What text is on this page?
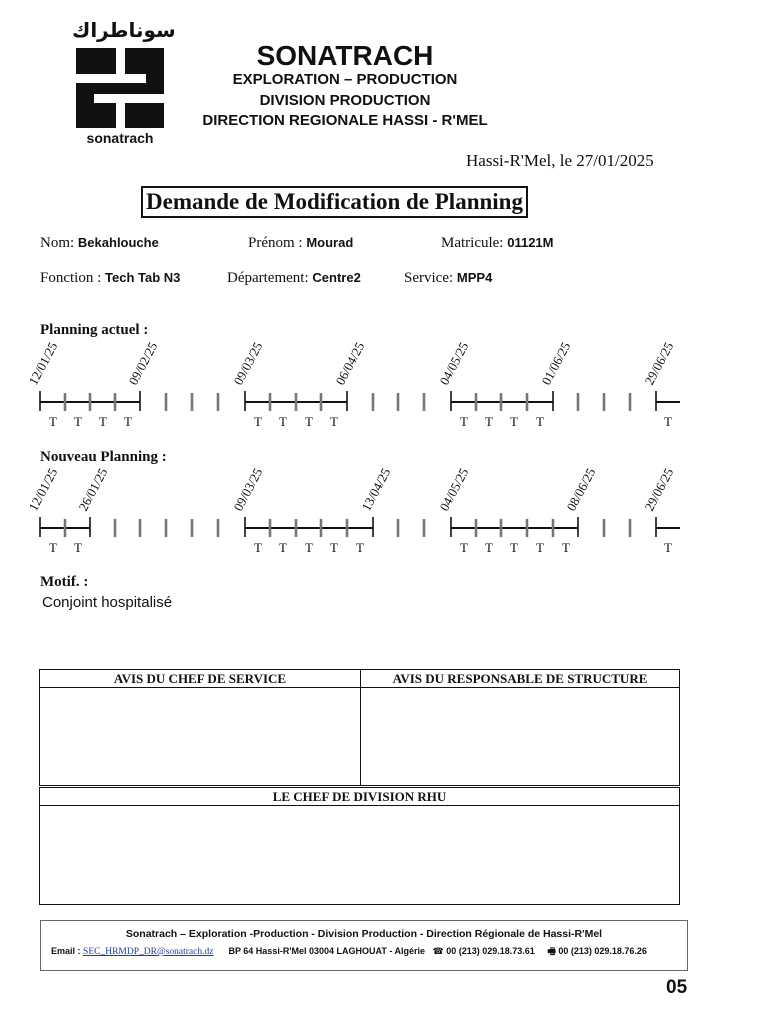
سوناطراك
sonatrach
SONATRACH
EXPLORATION – PRODUCTION
DIVISION PRODUCTION
DIRECTION REGIONALE HASSI - R'MEL
Hassi-R'Mel, le 27/01/2025
Demande de Modification de Planning
Nom: Bekahlouche	Prénom : Mourad	Matricule: 01121M
Fonction : Tech Tab N3	Département: Centre2	Service: MPP4
Planning actuel :
Nouveau Planning :
12/01/25	09/02/25	09/03/25	06/04/25	04/05/25	01/06/25	29/06/25
T T T T	T T T T	T T T T	T
12/01/25 26/01/25	09/03/25	13/04/25	04/05/25	08/06/25	29/06/25
T T	T T T T T	T T T T T	T
Motif. :
Conjoint hospitalisé
AVIS DU CHEF DE SERVICE	AVIS DU RESPONSABLE DE STRUCTURE
LE CHEF DE DIVISION RHU
Sonatrach – Exploration -Production - Division Production - Direction Régionale de Hassi-R'Mel
Email : SEC_HRMDP_DR@sonatrach.dz BP 64 Hassi-R'Mel 03004 LAGHOUAT - Algérie ☎ 00 (213) 029.18.73.61 🖷 00 (213) 029.18.76.26
05
